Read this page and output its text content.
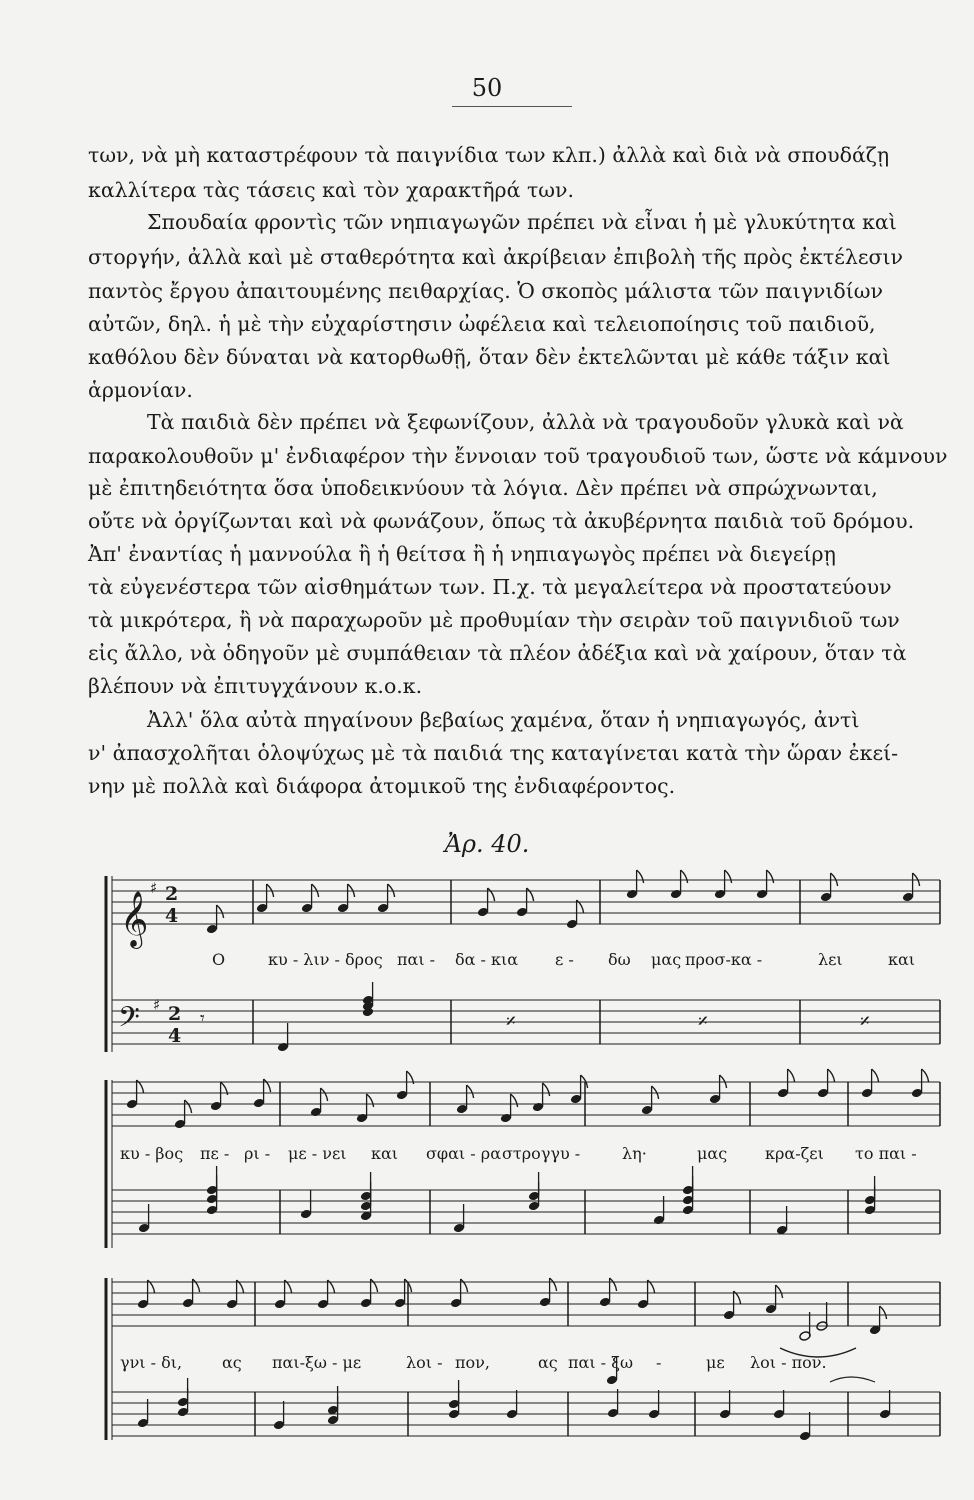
50
των, νὰ μὴ καταστρέφουν τὰ παιγνίδια των κλπ.) ἀλλὰ καὶ διὰ νὰ σπουδάζῃ
καλλίτερα τὰς τάσεις καὶ τὸν χαρακτῆρά των.
Σπουδαία φροντὶς τῶν νηπιαγωγῶν πρέπει νὰ εἶναι ἡ μὲ γλυκύτητα καὶ
στοργήν, ἀλλὰ καὶ μὲ σταθερότητα καὶ ἀκρίβειαν ἐπιβολὴ τῆς πρὸς ἐκτέλεσιν
παντὸς ἔργου ἀπαιτουμένης πειθαρχίας. Ὁ σκοπὸς μάλιστα τῶν παιγνιδίων
αὐτῶν, δηλ. ἡ μὲ τὴν εὐχαρίστησιν ὠφέλεια καὶ τελειοποίησις τοῦ παιδιοῦ,
καθόλου δὲν δύναται νὰ κατορθωθῇ, ὅταν δὲν ἐκτελῶνται μὲ κάθε τάξιν καὶ
ἁρμονίαν.
Τὰ παιδιὰ δὲν πρέπει νὰ ξεφωνίζουν, ἀλλὰ νὰ τραγουδοῦν γλυκὰ καὶ νὰ
παρακολουθοῦν μ' ἐνδιαφέρον τὴν ἔννοιαν τοῦ τραγουδιοῦ των, ὥστε νὰ κάμνουν
μὲ ἐπιτηδειότητα ὅσα ὑποδεικνύουν τὰ λόγια. Δὲν πρέπει νὰ σπρώχνωνται,
οὔτε νὰ ὀργίζωνται καὶ νὰ φωνάζουν, ὅπως τὰ ἀκυβέρνητα παιδιὰ τοῦ δρόμου.
Ἀπ' ἐναντίας ἡ μαννούλα ἢ ἡ θείτσα ἢ ἡ νηπιαγωγὸς πρέπει νὰ διεγείρῃ
τὰ εὐγενέστερα τῶν αἰσθημάτων των. Π.χ. τὰ μεγαλείτερα νὰ προστατεύουν
τὰ μικρότερα, ἢ νὰ παραχωροῦν μὲ προθυμίαν τὴν σειρὰν τοῦ παιγνιδιοῦ των
εἰς ἄλλο, νὰ ὁδηγοῦν μὲ συμπάθειαν τὰ πλέον ἀδέξια καὶ νὰ χαίρουν, ὅταν τὰ
βλέπουν νὰ ἐπιτυγχάνουν κ.ο.κ.
Ἀλλ' ὅλα αὐτὰ πηγαίνουν βεβαίως χαμένα, ὅταν ἡ νηπιαγωγός, ἀντὶ
ν' ἀπασχολῆται ὁλοψύχως μὲ τὰ παιδιά της καταγίνεται κατὰ τὴν ὥραν ἐκεί-
νην μὲ πολλὰ καὶ διάφορα ἀτομικοῦ της ἐνδιαφέροντος.
Ἀρ. 40.
𝄞
♯ 2
4
𝄢 ♯ 2
4
𝄾	𝄎	𝄎	𝄎
Ο	κυ - λιν - δρος παι - δα - κια ε - δω μας προσ-κα -	λει	και
κυ - βος πε - ρι - με - νει και σφαι - ρα στρογγυ -	λη·	μας κρα-ζει το παι -
γνι - δι, ας παι-ξω - με	λοι - πον,	ας παι - ξω -	με λοι - πον.
